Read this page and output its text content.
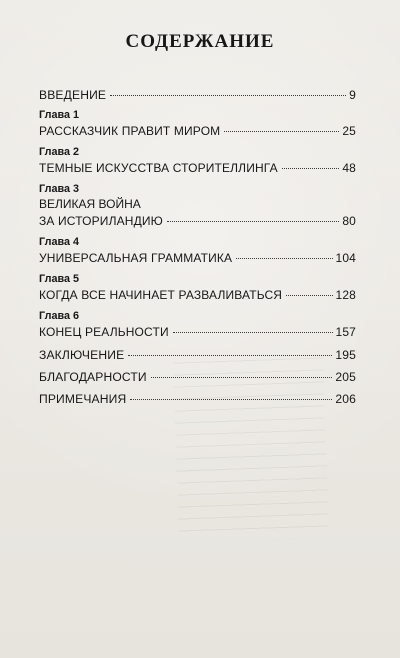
СОДЕРЖАНИЕ
ВВЕДЕНИЕ	9
Глава 1
РАССКАЗЧИК ПРАВИТ МИРОМ	25
Глава 2
ТЕМНЫЕ ИСКУССТВА СТОРИТЕЛЛИНГА	48
Глава 3
ВЕЛИКАЯ ВОЙНА
ЗА ИСТОРИЛАНДИЮ	80
Глава 4
УНИВЕРСАЛЬНАЯ ГРАММАТИКА	104
Глава 5
КОГДА ВСЕ НАЧИНАЕТ РАЗВАЛИВАТЬСЯ	128
Глава 6
КОНЕЦ РЕАЛЬНОСТИ	157
ЗАКЛЮЧЕНИЕ	195
БЛАГОДАРНОСТИ	205
ПРИМЕЧАНИЯ	206
